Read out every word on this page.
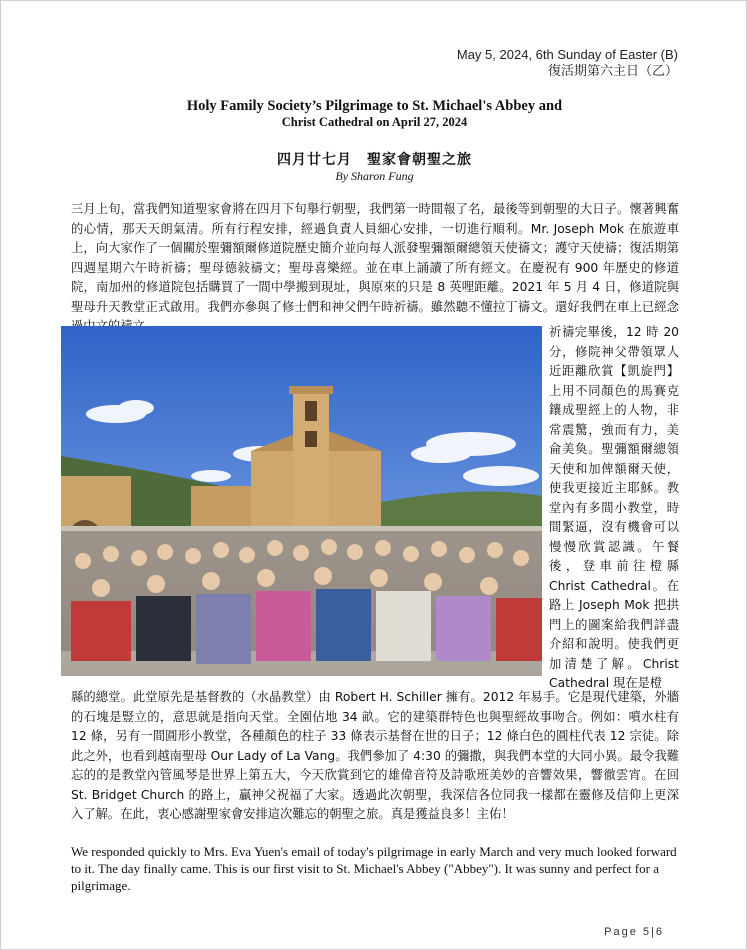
May 5, 2024, 6th Sunday of Easter (B)
復活期第六主日（乙）
Holy Family Society’s Pilgrimage to St. Michael's Abbey and
Christ Cathedral on April 27, 2024
四月廿七月　聖家會朝聖之旅
By Sharon Fung
三月上旬，當我們知道聖家會將在四月下旬舉行朝聖，我們第一時間報了名，最後等到朝聖的大日子。懷著興奮的心情，那天天朗氣清。所有行程安排，經過負責人員細心安排，一切進行順利。Mr. Joseph Mok 在旅遊車上，向大家作了一個關於聖彌額爾修道院歷史簡介並向每人派發聖彌額爾總領天使禱文；護守天使禱；復活期第四週星期六午時祈禱；聖母德敍禱文；聖母喜樂經。並在車上誦讀了所有經文。在慶祝有 900 年歷史的修道院，南加州的修道院包括購買了一間中學搬到現址，與原來的只是 8 英哩距離。2021 年 5 月 4 日，修道院與聖母升天教堂正式啟用。我們亦參與了修士們和神父們午時祈禱。雖然聽不懂拉丁禱文。還好我們在車上已經念
祈禱完畢後，12 時 20 分，修院神父帶領眾人近距離欣賞【凱旋門】上用不同顏色的馬賽克鑲成聖經上的人物，非常震驚，強而有力，美侖美奐。聖彌額爾總領天使和加俾額爾天使，使我更接近主耶穌。教堂內有多間小教堂，時間緊逼，沒有機會可以慢慢欣賞認識。午餐後，登車前往橙縣 Christ Cathedral。在路上 Joseph Mok 把拱門上的圖案給我們詳盡介紹和說明。使我們更加清楚了解。Christ Cathedral 現在是橙
縣的總堂。此堂原先是基督教的（水晶教堂）由 Robert H. Schiller 擁有。2012 年易手。它是現代建築，外牆的石塊是豎立的，意思就是指向天堂。全園佔地 34 畝。它的建築群特色也與聖經故事吻合。例如：噴水柱有 12 條，另有一間圓形小教堂，各種顏色的柱子 33 條表示基督在世的日子；12 條白色的圓柱代表 12 宗徒。除此之外，也看到越南聖母 Our Lady of La Vang。我們參加了 4:30 的彌撒，與我們本堂的大同小異。最令我難忘的的是教堂內管風琴是世界上第五大，今天欣賞到它的雄偉音符及詩歌班美妙的音響效果，響徹雲宵。在回 St. Bridget Church 的路上，贏神父祝福了大家。透過此次朝聖，我深信各位同我一樣都在靈修及信仰上更深入了解。在此，衷心感謝聖家會安排這次難忘的朝聖之旅。真是獲益良多！主佑！
We responded quickly to Mrs. Eva Yuen's email of today's pilgrimage in early March and very much looked forward to it. The day finally came. This is our first visit to St. Michael's Abbey ("Abbey"). It was sunny and perfect for a pilgrimage.
Page 5|6
